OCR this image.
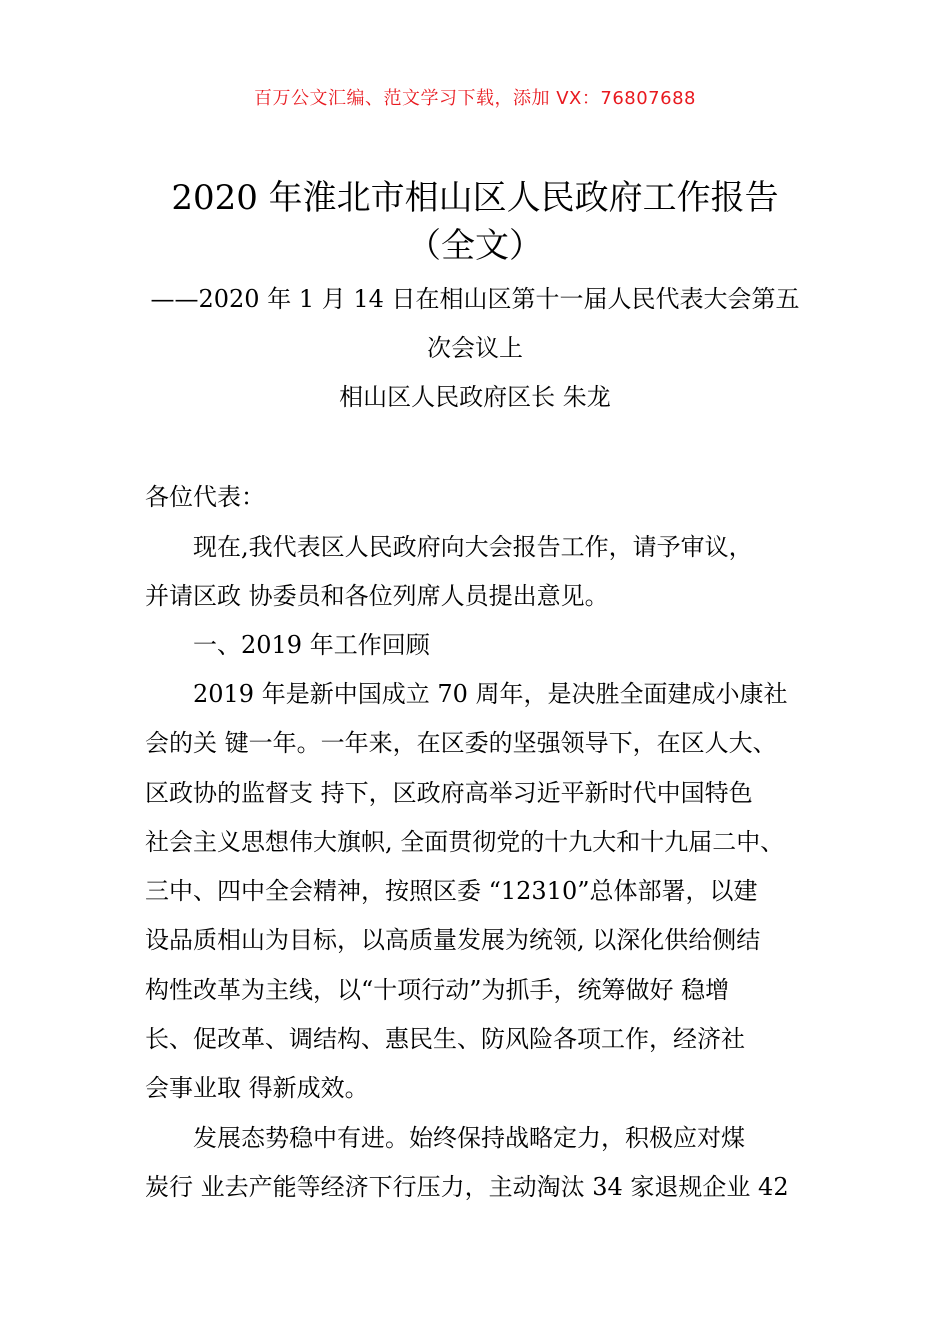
百万公文汇编、范文学习下载，添加 VX：76807688
2020 年淮北市相山区人民政府工作报告
（全文）
——2020 年 1 月 14 日在相山区第十一届人民代表大会第五
次会议上
相山区人民政府区长 朱龙
各位代表：
现在,我代表区人民政府向大会报告工作，请予审议，
并请区政 协委员和各位列席人员提出意见。
一、2019 年工作回顾
2019 年是新中国成立 70 周年，是决胜全面建成小康社
会的关 键一年。一年来，在区委的坚强领导下，在区人大、
区政协的监督支 持下，区政府高举习近平新时代中国特色
社会主义思想伟大旗帜, 全面贯彻党的十九大和十九届二中、
三中、四中全会精神，按照区委 “12310”总体部署，以建
设品质相山为目标，以高质量发展为统领, 以深化供给侧结
构性改革为主线，以“十项行动”为抓手，统筹做好 稳增
长、促改革、调结构、惠民生、防风险各项工作，经济社
会事业取 得新成效。
发展态势稳中有进。始终保持战略定力，积极应对煤
炭行 业去产能等经济下行压力，主动淘汰 34 家退规企业 42
